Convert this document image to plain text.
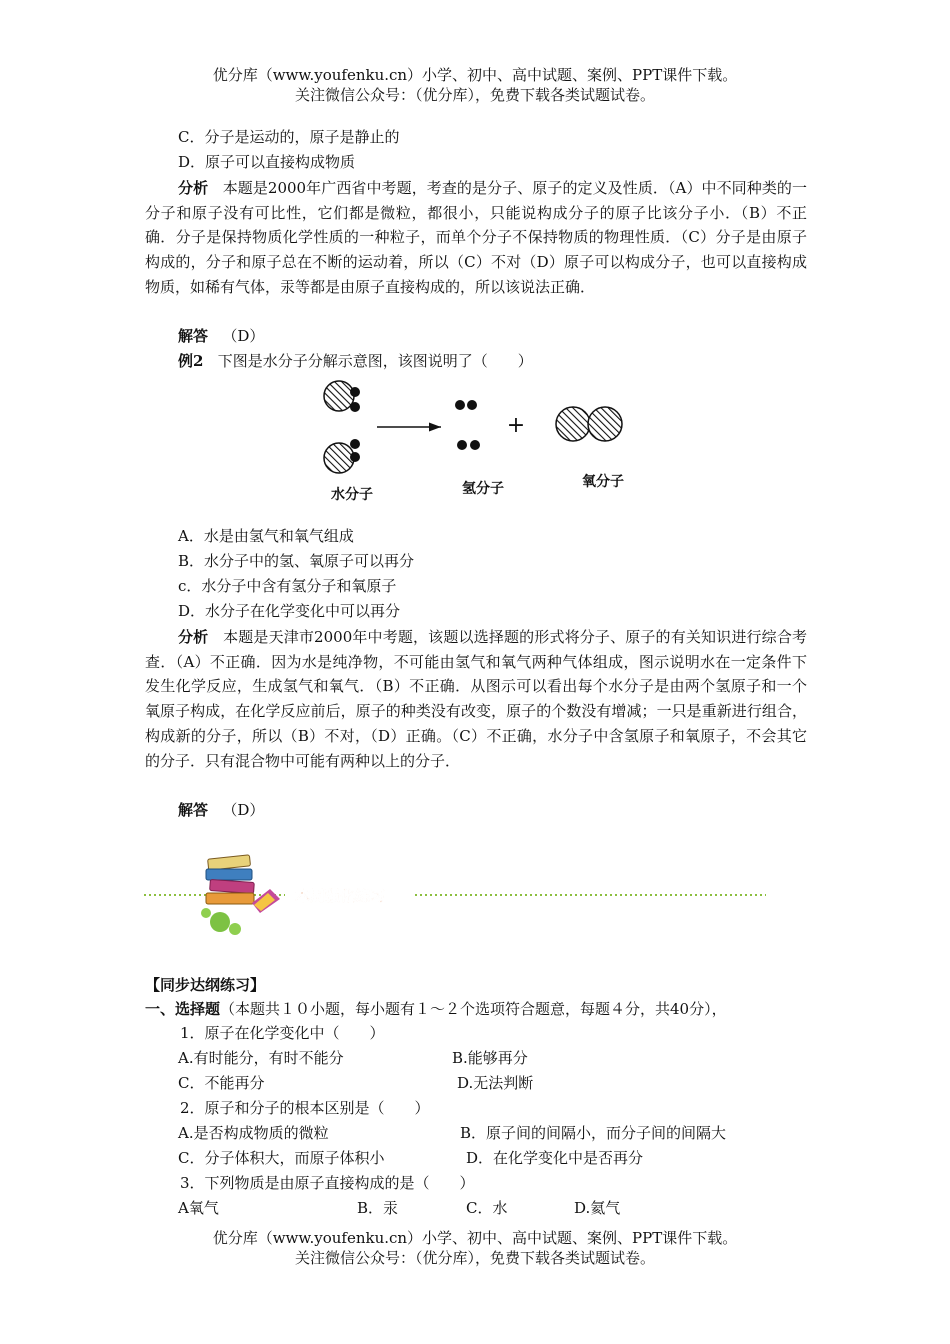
优分库（www.youfenku.cn）小学、初中、高中试题、案例、PPT课件下载。
关注微信公众号：（优分库），免费下载各类试题试卷。
C．分子是运动的，原子是静止的
D．原子可以直接构成物质
分析 本题是2000年广西省中考题，考查的是分子、原子的定义及性质．（A）中不同种类的一分子和原子没有可比性，它们都是微粒，都很小，只能说构成分子的原子比该分子小．（B）不正确．分子是保持物质化学性质的一种粒子，而单个分子不保持物质的物理性质．（C）分子是由原子构成的，分子和原子总在不断的运动着，所以（C）不对（D）原子可以构成分子，也可以直接构成物质，如稀有气体，汞等都是由原子直接构成的，所以该说法正确．
解答 （D）
例2 下图是水分子分解示意图，该图说明了（　　）
+
水分子	氢分子	氧分子
A．水是由氢气和氧气组成
B．水分子中的氢、氧原子可以再分
c．水分子中含有氢分子和氧原子
D．水分子在化学变化中可以再分
分析 本题是天津市2000年中考题，该题以选择题的形式将分子、原子的有关知识进行综合考查．（A）不正确．因为水是纯净物，不可能由氢气和氧气两种气体组成，图示说明水在一定条件下发生化学反应，生成氢气和氧气．（B）不正确．从图示可以看出每个水分子是由两个氢原子和一个氧原子构成，在化学反应前后，原子的种类没有改变，原子的个数没有增减；一只是重新进行组合，构成新的分子，所以（B）不对，（D）正确。（C）不正确，水分子中含氢原子和氧原子，不会其它的分子．只有混合物中可能有两种以上的分子．
解答 （D）
本周强化练习
【同步达纲练习】
一、选择题（本题共１０小题，每小题有１～２个选项符合题意，每题４分，共40分），
1．原子在化学变化中（　　）
A.有时能分，有时不能分	B.能够再分
C．不能再分	D.无法判断
2．原子和分子的根本区别是（　　）
A.是否构成物质的微粒	B．原子间的间隔小，而分子间的间隔大
C．分子体积大，而原子体积小	D．在化学变化中是否再分
3．下列物质是由原子直接构成的是（　　）
A氧气	B．汞	C．水	D.氦气
优分库（www.youfenku.cn）小学、初中、高中试题、案例、PPT课件下载。
关注微信公众号：（优分库），免费下载各类试题试卷。
